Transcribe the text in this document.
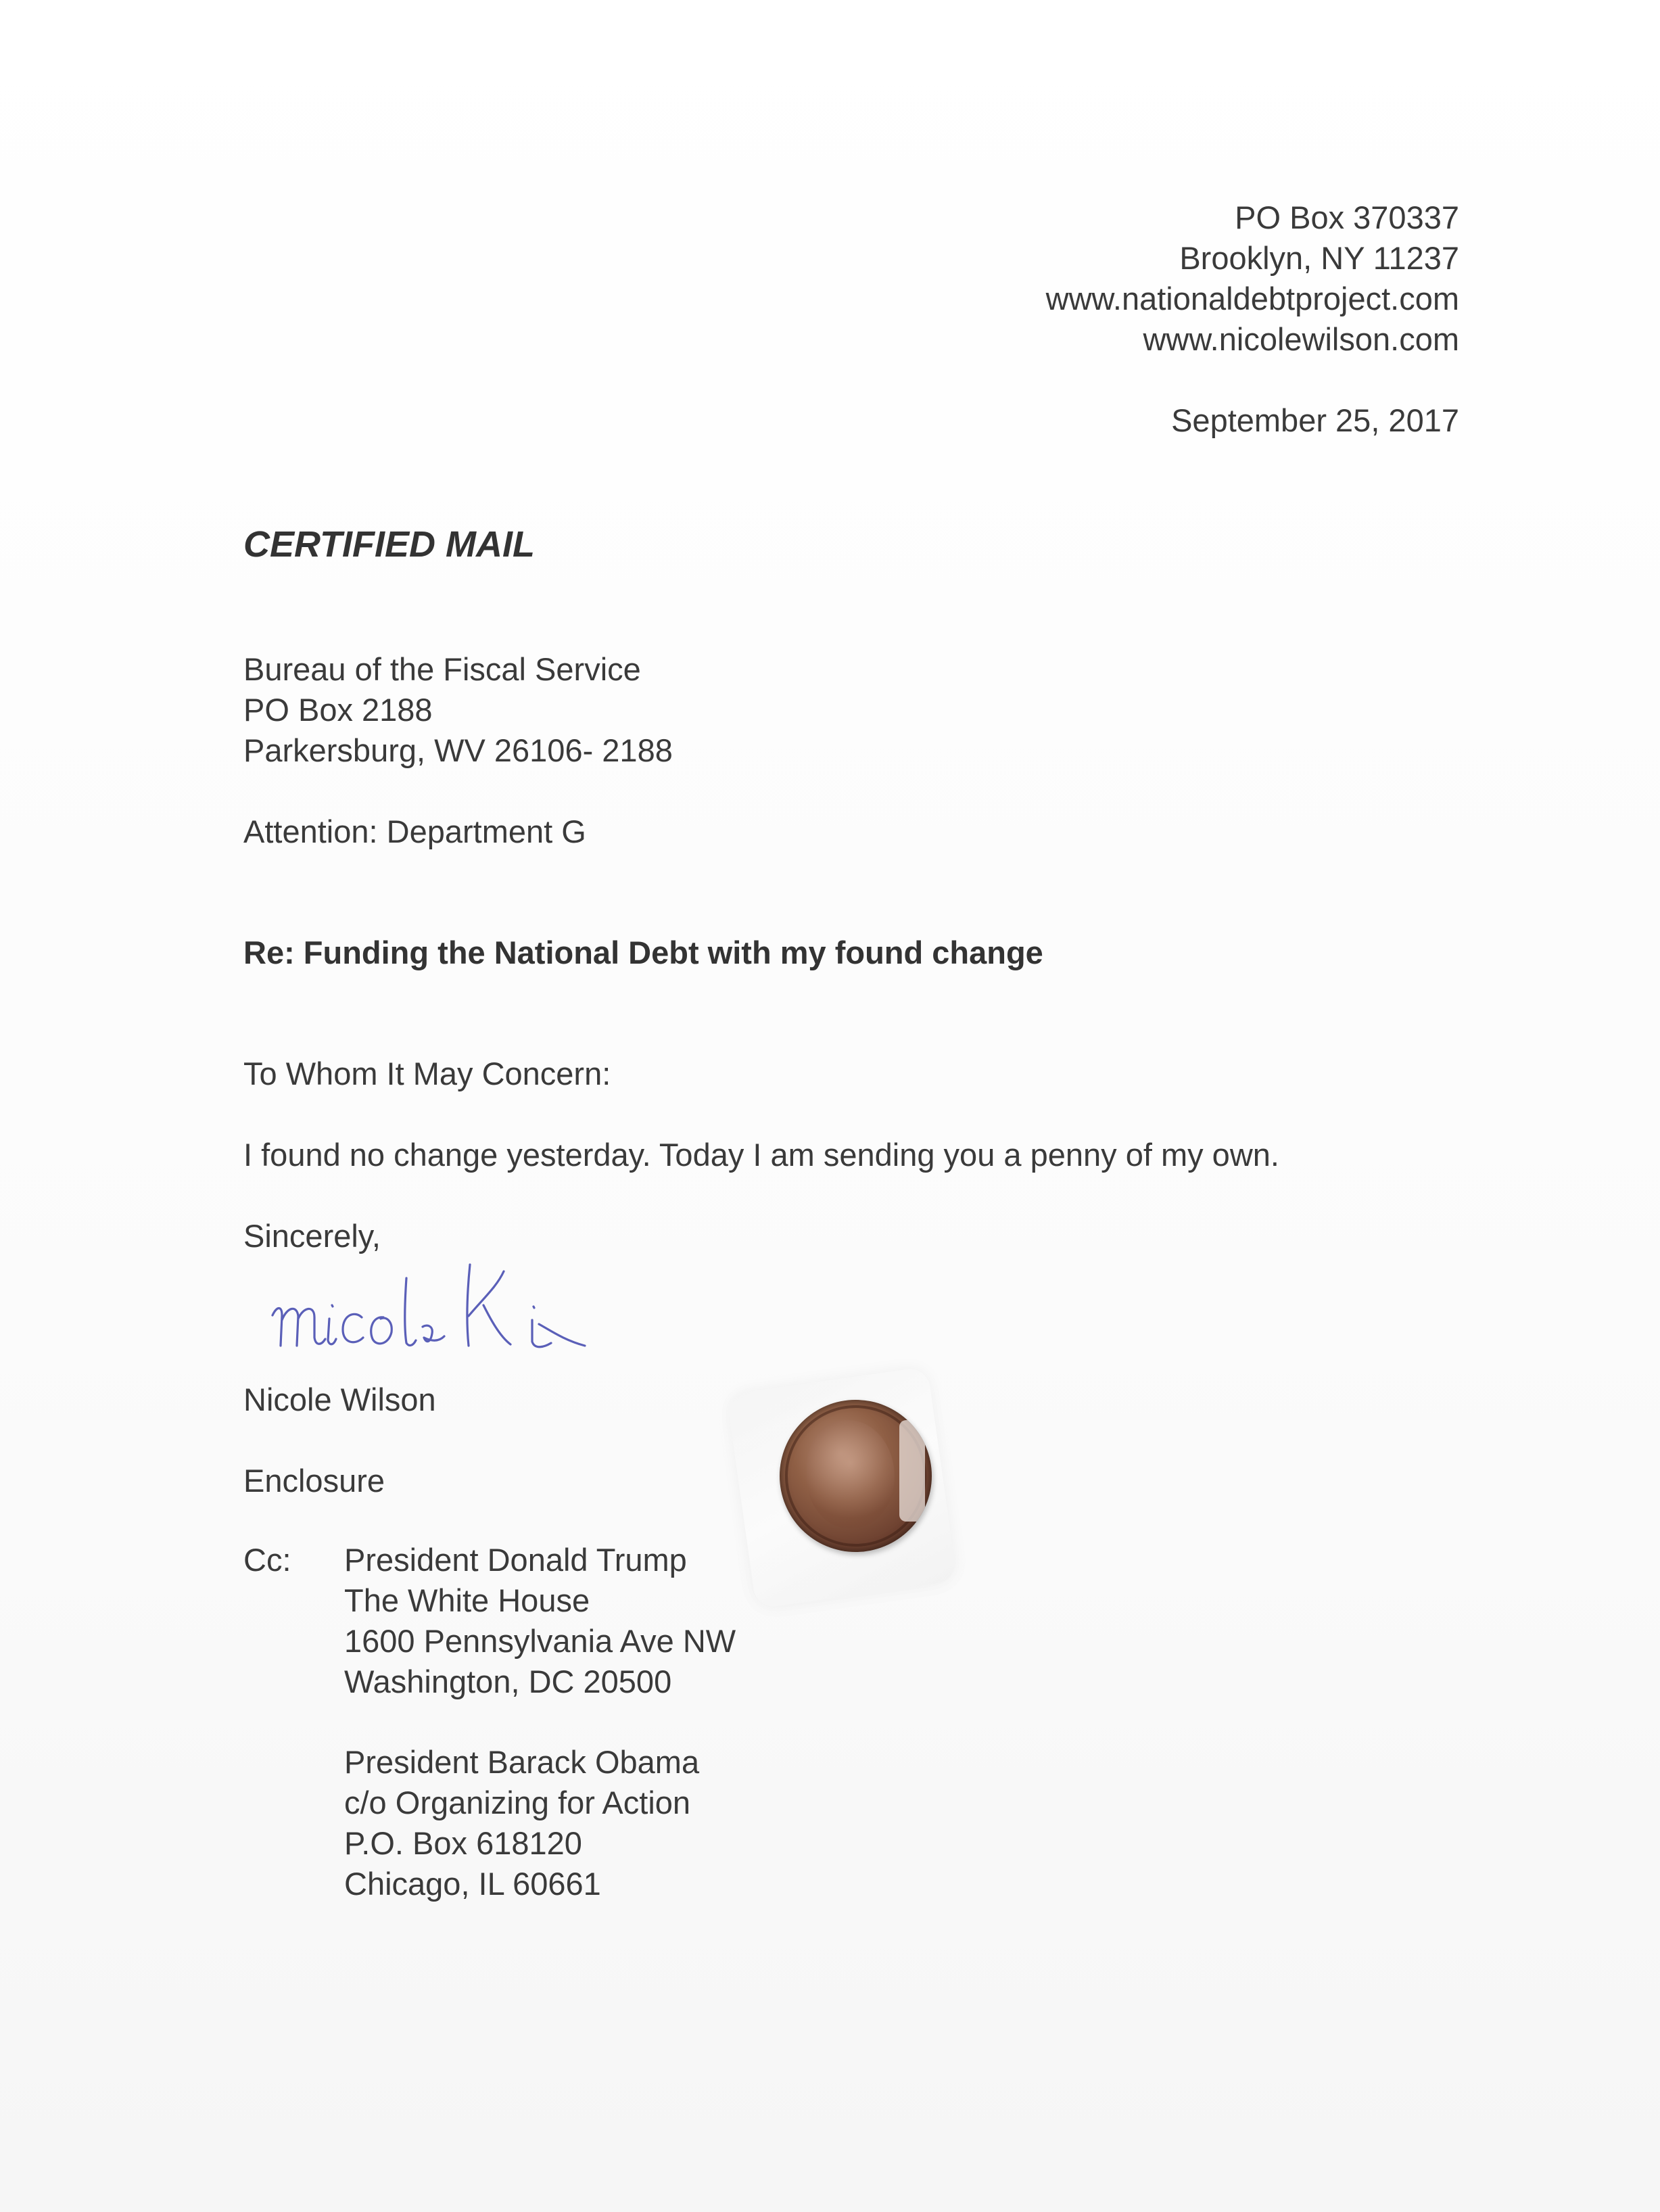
PO Box 370337
Brooklyn, NY 11237
www.nationaldebtproject.com
www.nicolewilson.com
September 25, 2017
CERTIFIED MAIL
Bureau of the Fiscal Service
PO Box 2188
Parkersburg, WV 26106- 2188
Attention: Department G
Re: Funding the National Debt with my found change
To Whom It May Concern:
I found no change yesterday. Today I am sending you a penny of my own.
Sincerely,
Nicole Wilson
Enclosure
Cc: President Donald Trump
The White House
1600 Pennsylvania Ave NW
Washington, DC 20500
President Barack Obama
c/o Organizing for Action
P.O. Box 618120
Chicago, IL 60661
